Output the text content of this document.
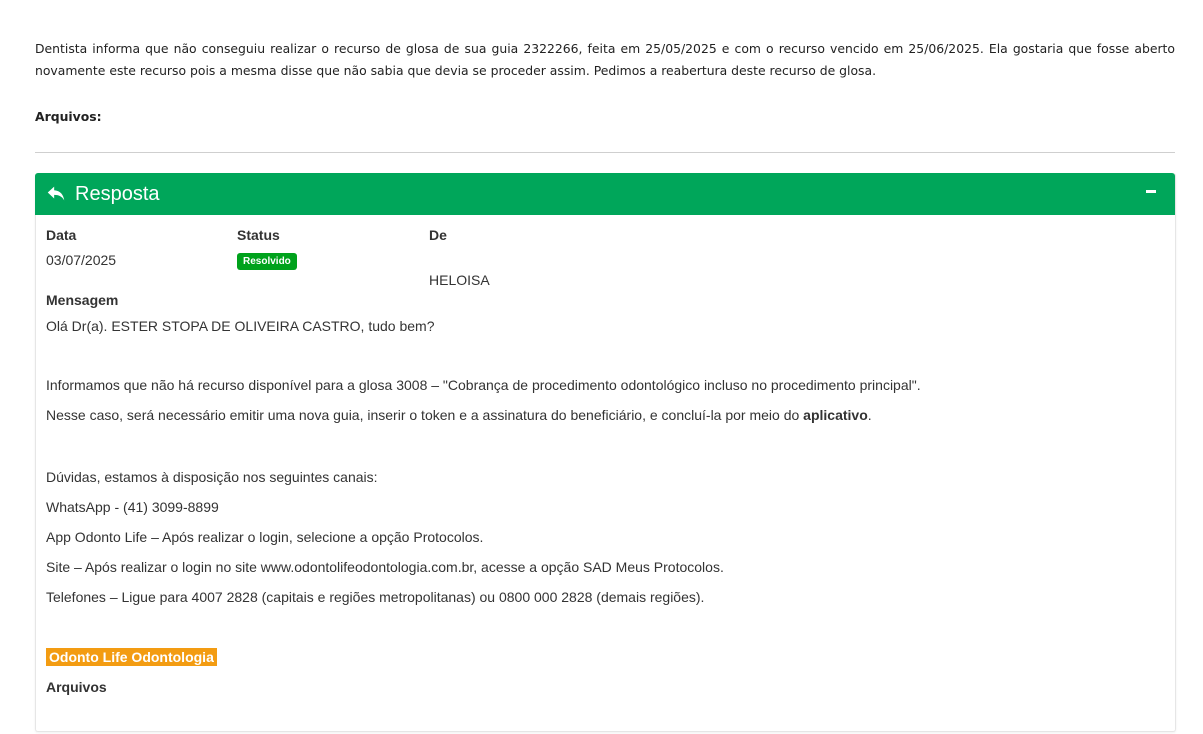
Dentista informa que não conseguiu realizar o recurso de glosa de sua guia 2322266, feita em 25/05/2025 e com o recurso vencido em 25/06/2025. Ela gostaria que fosse aberto novamente este recurso pois a mesma disse que não sabia que devia se proceder assim. Pedimos a reabertura deste recurso de glosa.

Arquivos:
Resposta
Data
03/07/2025
Status
Resolvido
De
HELOISA
Mensagem
Olá Dr(a). ESTER STOPA DE OLIVEIRA CASTRO, tudo bem?
Informamos que não há recurso disponível para a glosa 3008 – "Cobrança de procedimento odontológico incluso no procedimento principal".
Nesse caso, será necessário emitir uma nova guia, inserir o token e a assinatura do beneficiário, e concluí-la por meio do aplicativo.
Dúvidas, estamos à disposição nos seguintes canais:
WhatsApp - (41) 3099-8899
App Odonto Life – Após realizar o login, selecione a opção Protocolos.
Site – Após realizar o login no site www.odontolifeodontologia.com.br, acesse a opção SAD Meus Protocolos.
Telefones – Ligue para 4007 2828 (capitais e regiões metropolitanas) ou 0800 000 2828 (demais regiões).
Odonto Life Odontologia
Arquivos
